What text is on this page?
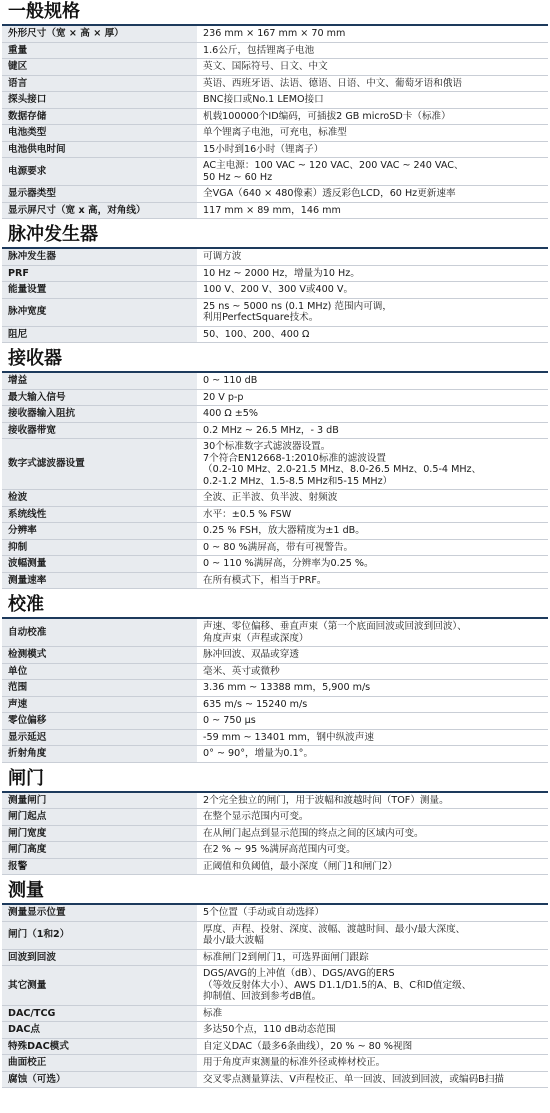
一般规格
外形尺寸（宽 × 高 × 厚）	236 mm × 167 mm × 70 mm
重量	1.6公斤，包括锂离子电池
键区	英文、国际符号、日文、中文
语言	英语、西班牙语、法语、德语、日语、中文、葡萄牙语和俄语
探头接口	BNC接口或No.1 LEMO接口
数据存储	机载100000个ID编码，可插拔2 GB microSD卡（标准）
电池类型	单个锂离子电池，可充电，标准型
电池供电时间	15小时到16小时（锂离子）
电源要求	AC主电源：100 VAC ~ 120 VAC、200 VAC ~ 240 VAC、
50 Hz ~ 60 Hz
显示器类型	全VGA（640 × 480像素）透反彩色LCD，60 Hz更新速率
显示屏尺寸（宽 x 高，对角线）	117 mm × 89 mm，146 mm
脉冲发生器
脉冲发生器	可调方波
PRF	10 Hz ~ 2000 Hz，增量为10 Hz。
能量设置	100 V、200 V、300 V或400 V。
脉冲宽度	25 ns ~ 5000 ns (0.1 MHz) 范围内可调，
利用PerfectSquare技术。
阻尼	50、100、200、400 Ω
接收器
增益	0 ~ 110 dB
最大输入信号	20 V p-p
接收器输入阻抗	400 Ω ±5%
接收器带宽	0.2 MHz ~ 26.5 MHz，- 3 dB
数字式滤波器设置	30个标准数字式滤波器设置。
7个符合EN12668-1:2010标准的滤波设置
（0.2-10 MHz、2.0-21.5 MHz、8.0-26.5 MHz、0.5-4 MHz、
0.2-1.2 MHz、1.5-8.5 MHz和5-15 MHz）
检波	全波、正半波、负半波、射频波
系统线性	水平：±0.5 % FSW
分辨率	0.25 % FSH，放大器精度为±1 dB。
抑制	0 ~ 80 %满屏高，带有可视警告。
波幅测量	0 ~ 110 %满屏高，分辨率为0.25 %。
测量速率	在所有模式下，相当于PRF。
校准
自动校准	声速、零位偏移、垂直声束（第一个底面回波或回波到回波）、
角度声束（声程或深度）
检测模式	脉冲回波、双晶或穿透
单位	毫米、英寸或微秒
范围	3.36 mm ~ 13388 mm，5,900 m/s
声速	635 m/s ~ 15240 m/s
零位偏移	0 ~ 750 μs
显示延迟	-59 mm ~ 13401 mm，钢中纵波声速
折射角度	0° ~ 90°，增量为0.1°。
闸门
测量闸门	2个完全独立的闸门，用于波幅和渡越时间（TOF）测量。
闸门起点	在整个显示范围内可变。
闸门宽度	在从闸门起点到显示范围的终点之间的区域内可变。
闸门高度	在2 % ~ 95 %满屏高范围内可变。
报警	正阈值和负阈值，最小深度（闸门1和闸门2）
测量
测量显示位置	5个位置（手动或自动选择）
闸门（1和2）	厚度、声程、投射、深度、波幅、渡越时间、最小/最大深度、
最小/最大波幅
回波到回波	标准闸门2到闸门1，可选界面闸门跟踪
其它测量	DGS/AVG的上冲值（dB）、DGS/AVG的ERS
（等效反射体大小）、AWS D1.1/D1.5的A、B、C和D值定级、
抑制值、回波到参考dB值。
DAC/TCG	标准
DAC点	多达50个点，110 dB动态范围
特殊DAC模式	自定义DAC（最多6条曲线），20 % ~ 80 %视图
曲面校正	用于角度声束测量的标准外径或棒材校正。
腐蚀（可选）	交叉零点测量算法、V声程校正、单一回波、回波到回波，或编码B扫描
